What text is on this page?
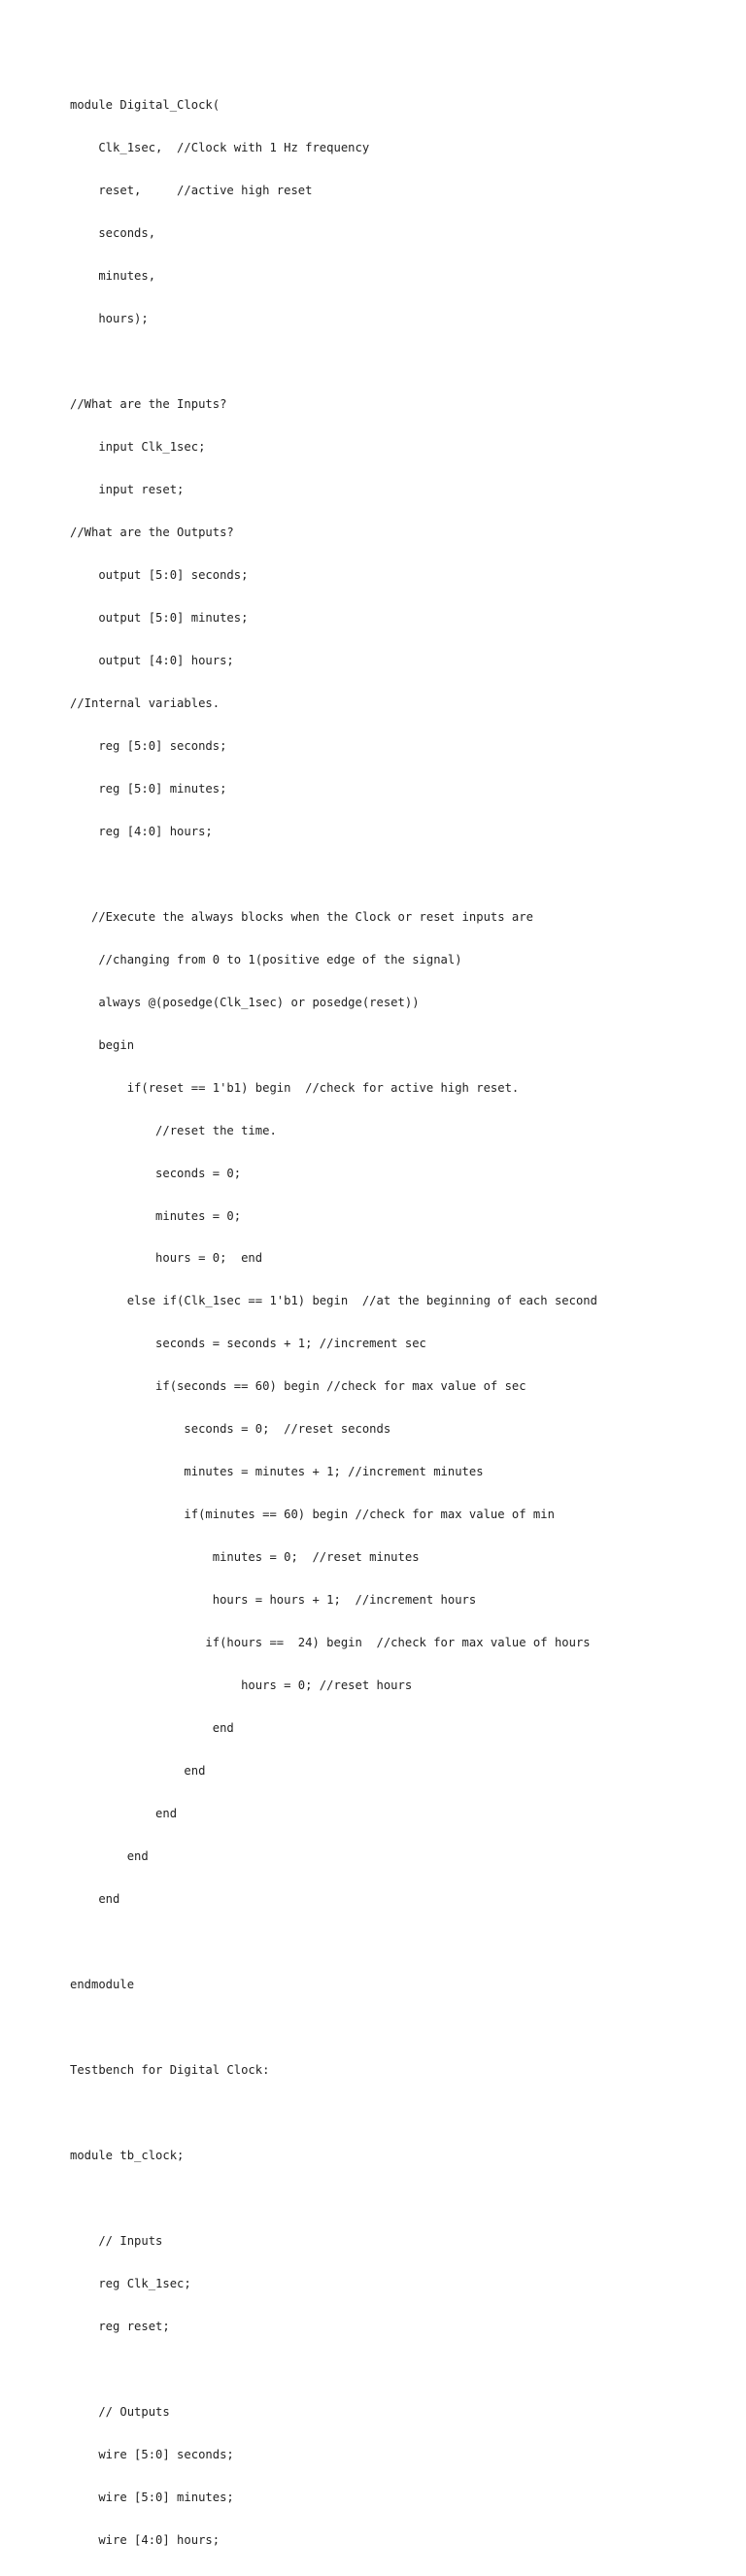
module Digital_Clock(

Clk_1sec,  //Clock with 1 Hz frequency

reset,     //active high reset

seconds,

minutes,

hours);

//What are the Inputs?

input Clk_1sec;

input reset;

//What are the Outputs?

output [5:0] seconds;

output [5:0] minutes;

output [4:0] hours;

//Internal variables.

reg [5:0] seconds;

reg [5:0] minutes;

reg [4:0] hours;

//Execute the always blocks when the Clock or reset inputs are

//changing from 0 to 1(positive edge of the signal)

always @(posedge(Clk_1sec) or posedge(reset))

begin

if(reset == 1'b1) begin  //check for active high reset.

//reset the time.

seconds = 0;

minutes = 0;

hours = 0;  end

else if(Clk_1sec == 1'b1) begin  //at the beginning of each second

seconds = seconds + 1; //increment sec

if(seconds == 60) begin //check for max value of sec

seconds = 0;  //reset seconds

minutes = minutes + 1; //increment minutes

if(minutes == 60) begin //check for max value of min

minutes = 0;  //reset minutes

hours = hours + 1;  //increment hours

if(hours ==  24) begin  //check for max value of hours

hours = 0; //reset hours

end

end

end

end

end

endmodule

Testbench for Digital Clock:

module tb_clock;

// Inputs

reg Clk_1sec;

reg reset;

// Outputs

wire [5:0] seconds;

wire [5:0] minutes;

wire [4:0] hours;
